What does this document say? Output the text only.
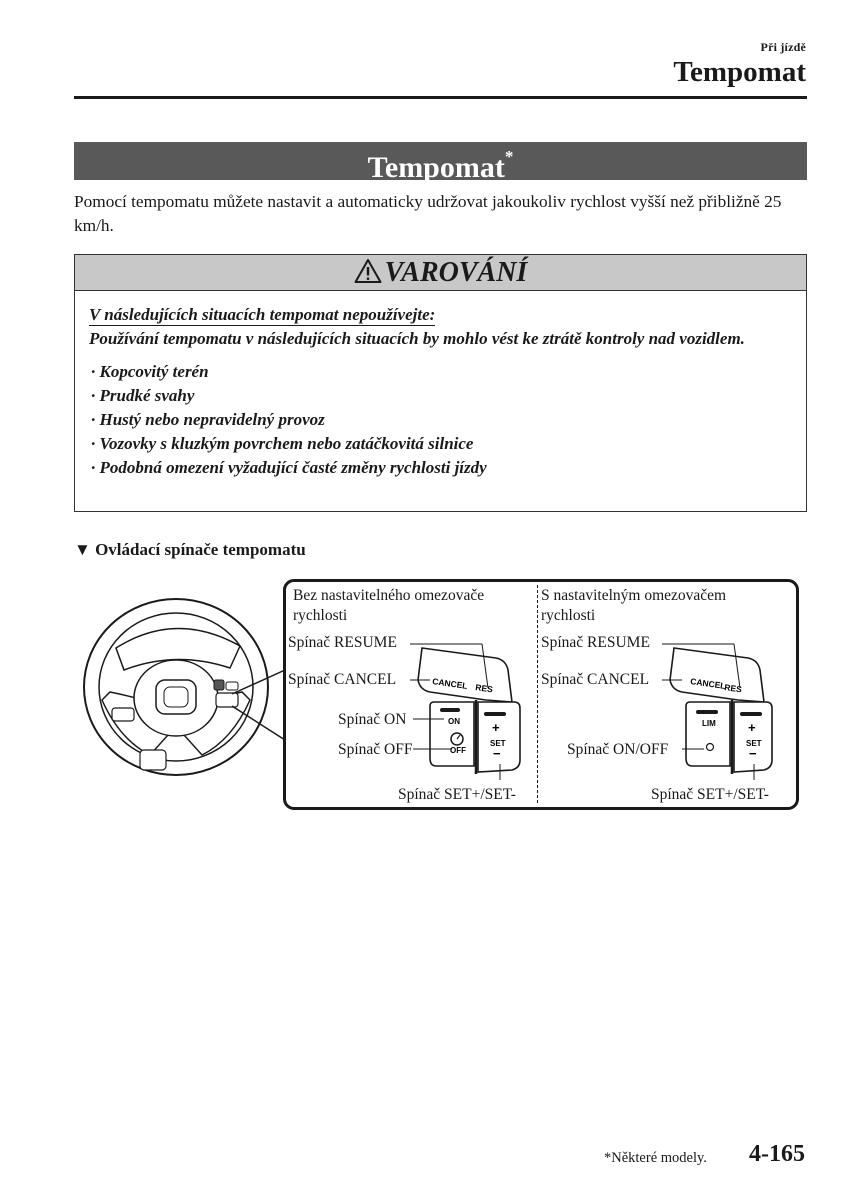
Při jízdě
Tempomat
Tempomat*
Pomocí tempomatu můžete nastavit a automaticky udržovat jakoukoliv rychlost vyšší než přibližně 25 km/h.
VAROVÁNÍ
V následujících situacích tempomat nepoužívejte:
Používání tempomatu v následujících situacích by mohlo vést ke ztrátě kontroly nad vozidlem.
· Kopcovitý terén
· Prudké svahy
· Hustý nebo nepravidelný provoz
· Vozovky s kluzkým povrchem nebo zatáčkovitá silnice
· Podobná omezení vyžadující časté změny rychlosti jízdy
▼ Ovládací spínače tempomatu
Bez nastavitelného omezovače
rychlosti
Spínač RESUME
Spínač CANCEL
Spínač ON
Spínač OFF
Spínač SET+/SET-
S nastavitelným omezovačem
rychlosti
Spínač RESUME
Spínač CANCEL
Spínač ON/OFF
Spínač SET+/SET-
CANCEL RES
ON
OFF
+
SET
−
CANCEL
RES
LIM +
SET
−
*Některé modely. 4-165
